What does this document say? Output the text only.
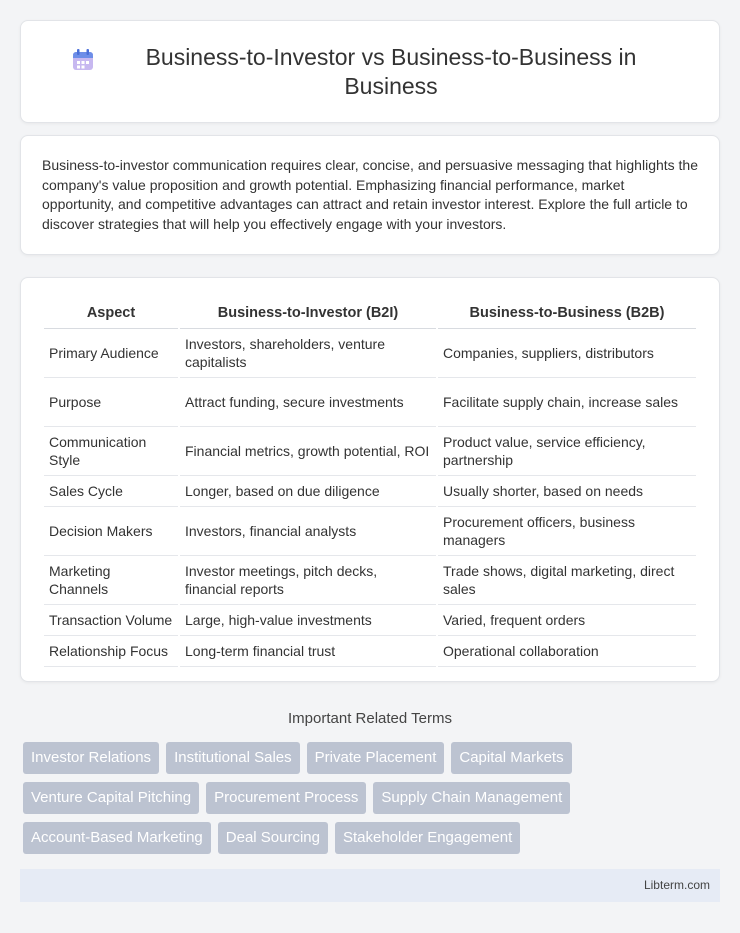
Business-to-Investor vs Business-to-Business in Business
Business-to-investor communication requires clear, concise, and persuasive messaging that highlights the company's value proposition and growth potential. Emphasizing financial performance, market opportunity, and competitive advantages can attract and retain investor interest. Explore the full article to discover strategies that will help you effectively engage with your investors.
Aspect	Business-to-Investor (B2I)	Business-to-Business (B2B)
Primary Audience	Investors, shareholders, venture capitalists	Companies, suppliers, distributors
Purpose	Attract funding, secure investments	Facilitate supply chain, increase sales
Communication Style	Financial metrics, growth potential, ROI	Product value, service efficiency, partnership
Sales Cycle	Longer, based on due diligence	Usually shorter, based on needs
Decision Makers	Investors, financial analysts	Procurement officers, business managers
Marketing Channels	Investor meetings, pitch decks, financial reports	Trade shows, digital marketing, direct sales
Transaction Volume	Large, high-value investments	Varied, frequent orders
Relationship Focus	Long-term financial trust	Operational collaboration
Important Related Terms
Investor Relations	Institutional Sales	Private Placement	Capital Markets
Venture Capital Pitching	Procurement Process	Supply Chain Management
Account-Based Marketing	Deal Sourcing	Stakeholder Engagement
Libterm.com
